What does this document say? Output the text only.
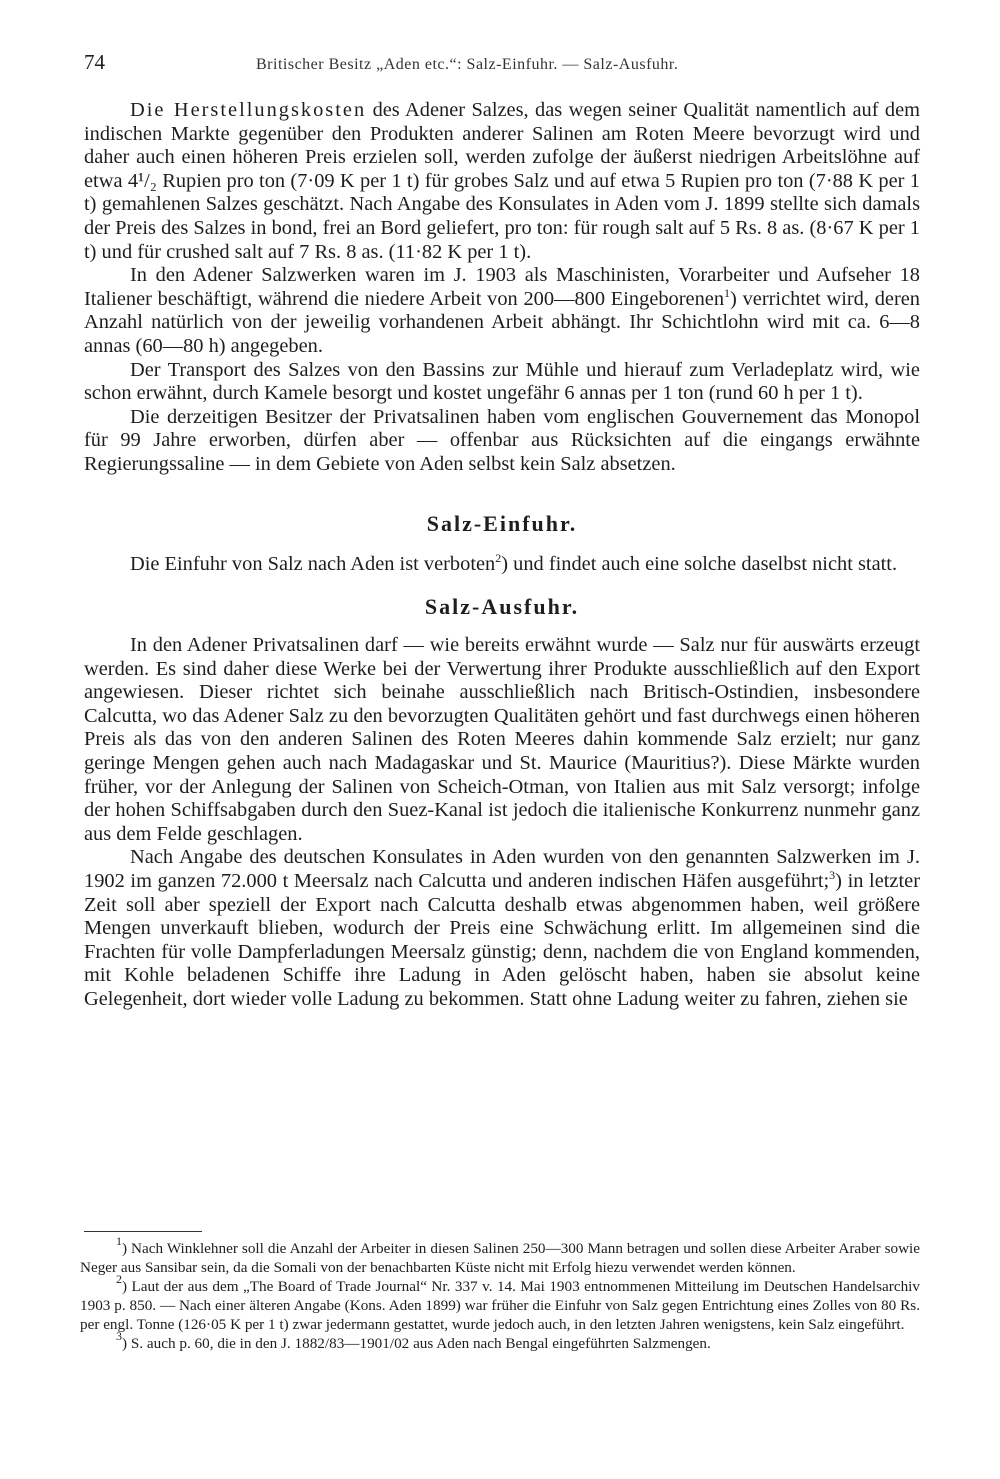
74	Britischer Besitz „Aden etc.“: Salz-Einfuhr. — Salz-Ausfuhr.

Die Herstellungskosten des Adener Salzes, das wegen seiner Qualität namentlich auf dem indischen Markte gegenüber den Produkten anderer Salinen am Roten Meere bevorzugt wird und daher auch einen höheren Preis erzielen soll, werden zufolge der äußerst niedrigen Arbeitslöhne auf etwa 4¹/₂ Rupien pro ton (7·09 K per 1 t) für grobes Salz und auf etwa 5 Rupien pro ton (7·88 K per 1 t) gemahlenen Salzes geschätzt. Nach Angabe des Konsulates in Aden vom J. 1899 stellte sich damals der Preis des Salzes in bond, frei an Bord geliefert, pro ton: für rough salt auf 5 Rs. 8 as. (8·67 K per 1 t) und für crushed salt auf 7 Rs. 8 as. (11·82 K per 1 t).

In den Adener Salzwerken waren im J. 1903 als Maschinisten, Vorarbeiter und Aufseher 18 Italiener beschäftigt, während die niedere Arbeit von 200—800 Eingeborenen$^1$) verrichtet wird, deren Anzahl natürlich von der jeweilig vorhandenen Arbeit abhängt. Ihr Schichtlohn wird mit ca. 6—8 annas (60—80 h) angegeben.

Der Transport des Salzes von den Bassins zur Mühle und hierauf zum Verladeplatz wird, wie schon erwähnt, durch Kamele besorgt und kostet ungefähr 6 annas per 1 ton (rund 60 h per 1 t).

Die derzeitigen Besitzer der Privatsalinen haben vom englischen Gouvernement das Monopol für 99 Jahre erworben, dürfen aber — offenbar aus Rücksichten auf die eingangs erwähnte Regierungssaline — in dem Gebiete von Aden selbst kein Salz absetzen.

Salz-Einfuhr.

Die Einfuhr von Salz nach Aden ist verboten$^2$) und findet auch eine solche daselbst nicht statt.

Salz-Ausfuhr.

In den Adener Privatsalinen darf — wie bereits erwähnt wurde — Salz nur für auswärts erzeugt werden. Es sind daher diese Werke bei der Verwertung ihrer Produkte ausschließlich auf den Export angewiesen. Dieser richtet sich beinahe ausschließlich nach Britisch-Ostindien, insbesondere Calcutta, wo das Adener Salz zu den bevorzugten Qualitäten gehört und fast durchwegs einen höheren Preis als das von den anderen Salinen des Roten Meeres dahin kommende Salz erzielt; nur ganz geringe Mengen gehen auch nach Madagaskar und St. Maurice (Mauritius?). Diese Märkte wurden früher, vor der Anlegung der Salinen von Scheich-Otman, von Italien aus mit Salz versorgt; infolge der hohen Schiffsabgaben durch den Suez-Kanal ist jedoch die italienische Konkurrenz nunmehr ganz aus dem Felde geschlagen.

Nach Angabe des deutschen Konsulates in Aden wurden von den genannten Salzwerken im J. 1902 im ganzen 72.000 t Meersalz nach Calcutta und anderen indischen Häfen ausgeführt;$^3$) in letzter Zeit soll aber speziell der Export nach Calcutta deshalb etwas abgenommen haben, weil größere Mengen unverkauft blieben, wodurch der Preis eine Schwächung erlitt. Im allgemeinen sind die Frachten für volle Dampferladungen Meersalz günstig; denn, nachdem die von England kommenden, mit Kohle beladenen Schiffe ihre Ladung in Aden gelöscht haben, haben sie absolut keine Gelegenheit, dort wieder volle Ladung zu bekommen. Statt ohne Ladung weiter zu fahren, ziehen sie

$^1$) Nach Winklehner soll die Anzahl der Arbeiter in diesen Salinen 250—300 Mann betragen und sollen diese Arbeiter Araber sowie Neger aus Sansibar sein, da die Somali von der benachbarten Küste nicht mit Erfolg hiezu verwendet werden können.

$^2$) Laut der aus dem „The Board of Trade Journal“ Nr. 337 v. 14. Mai 1903 entnommenen Mitteilung im Deutschen Handelsarchiv 1903 p. 850. — Nach einer älteren Angabe (Kons. Aden 1899) war früher die Einfuhr von Salz gegen Entrichtung eines Zolles von 80 Rs. per engl. Tonne (126·05 K per 1 t) zwar jedermann gestattet, wurde jedoch auch, in den letzten Jahren wenigstens, kein Salz eingeführt.

$^3$) S. auch p. 60, die in den J. 1882/83—1901/02 aus Aden nach Bengal eingeführten Salzmengen.
